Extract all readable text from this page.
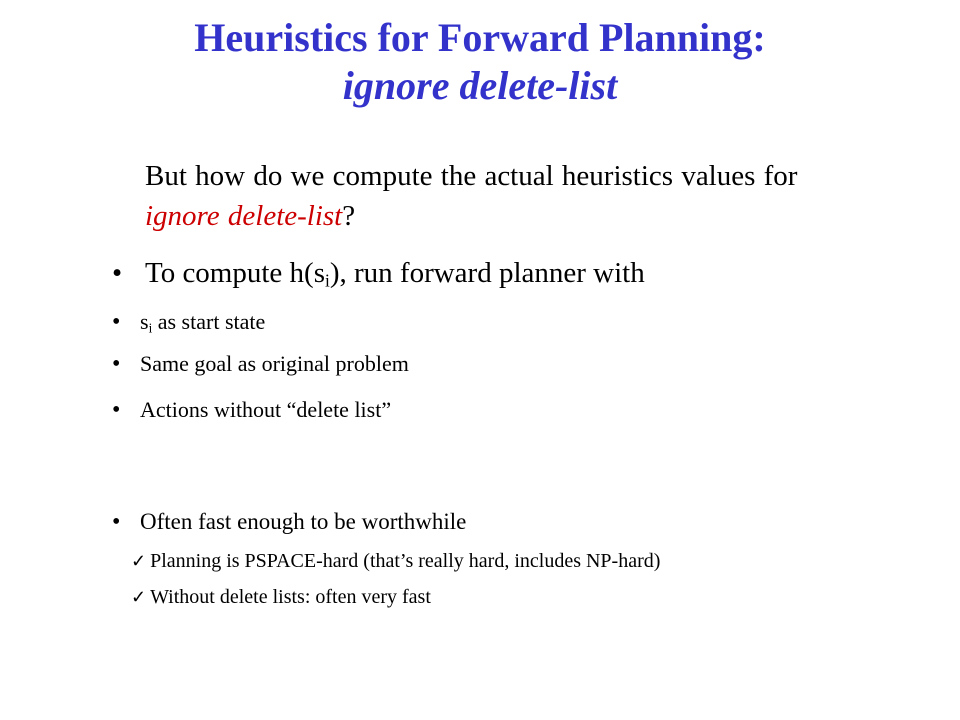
Heuristics for Forward Planning:
ignore delete-list
But how do we compute the actual heuristics values for
ignore delete-list?
• To compute $h(s_i)$, run forward planner with
•
$s_i$ as start state
• Same goal as original problem
• Actions without “delete list”
• Often fast enough to be worthwhile
✓ Planning is PSPACE-hard (that’s really hard, includes NP-hard)
✓ Without delete lists: often very fast
